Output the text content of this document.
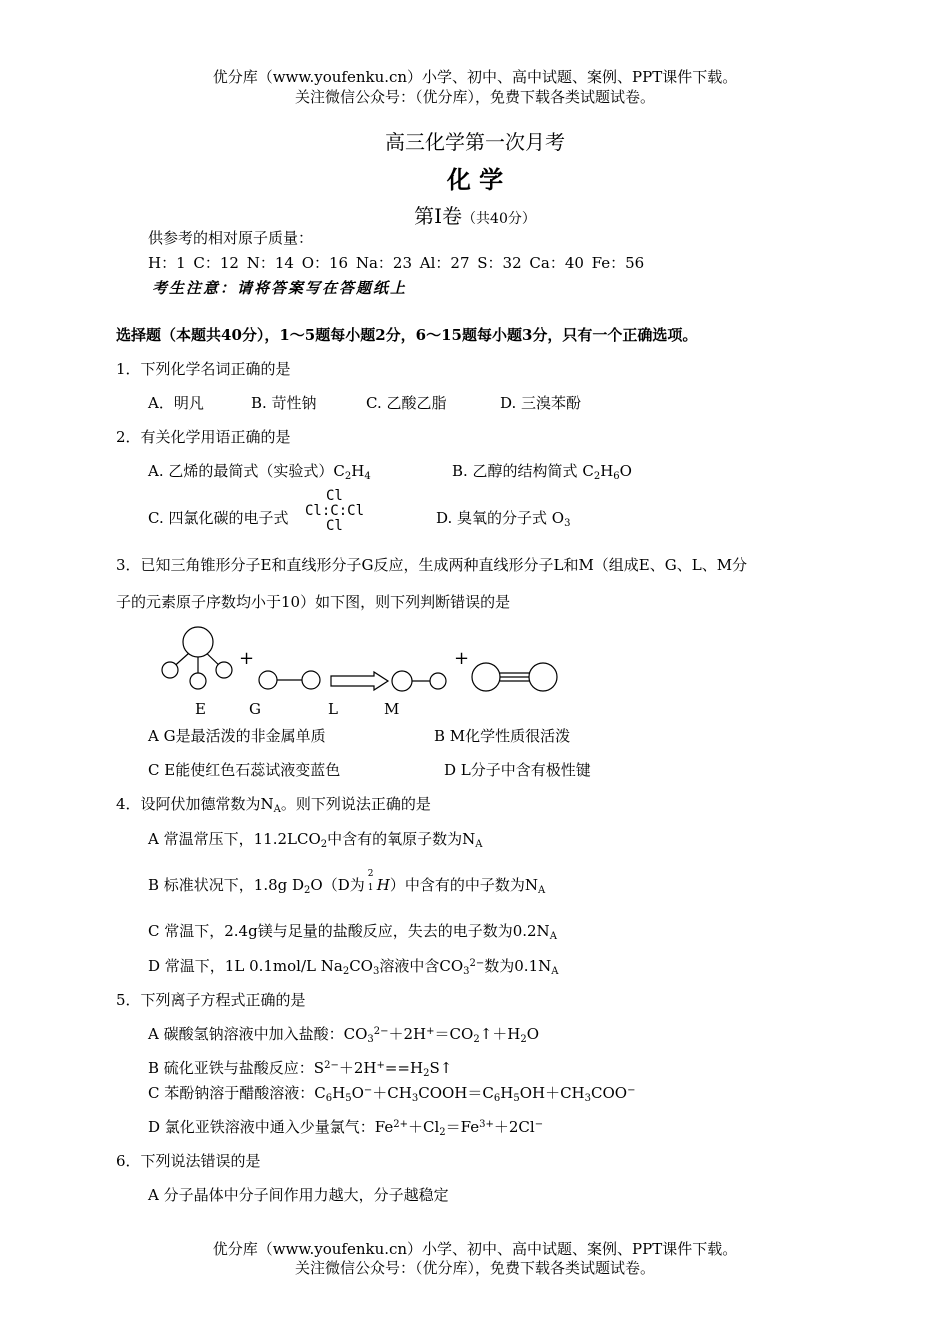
优分库（www.youfenku.cn）小学、初中、高中试题、案例、PPT课件下载。
关注微信公众号：（优分库），免费下载各类试题试卷。
高三化学第一次月考
化 学
第Ⅰ卷（共40分）
供参考的相对原子质量：
H：1 C：12 N：14 O：16 Na：23 Al：27 S：32 Ca：40 Fe：56
考生注意：请将答案写在答题纸上
选择题（本题共40分），1～5题每小题2分，6～15题每小题3分，只有一个正确选项。
1．下列化学名词正确的是
A．明凡	B. 苛性钠	C. 乙酸乙脂	D. 三溴苯酚
2．有关化学用语正确的是
A. 乙烯的最简式（实验式）$C_2H_4$	B. 乙醇的结构简式 $C_2H_6O$
C. 四氯化碳的电子式
Cl
Cl:C:Cl
Cl	D. 臭氧的分子式 $O_3$
3．已知三角锥形分子E和直线形分子G反应，生成两种直线形分子L和M（组成E、G、L、M分
子的元素原子序数均小于10）如下图，则下列判断错误的是
+	+
E	G	L	M
A G是最活泼的非金属单质	B M化学性质很活泼
C E能使红色石蕊试液变蓝色	D L分子中含有极性键
4．设阿伏加德常数为$N_A$。则下列说法正确的是
A 常温常压下，$11.2LCO_2$中含有的氧原子数为$N_A$
B 标准状况下，1.8g $D_2O(D$为
2
1 H）中含有的中子数为$N_A$
C 常温下，2.4g镁与足量的盐酸反应，失去的电子数为$0.2N_A$
D 常温下，1L 0.1mol/L $Na_2CO_3$溶液中含$CO_3^{2-}$数为$0.1N_A$
5．下列离子方程式正确的是
A 碳酸氢钠溶液中加入盐酸：$CO_3^{2-}+2H^+=CO_2↑+H_2O$
B 硫化亚铁与盐酸反应：$S^{2-}+2H^+==H_2S↑$
C 苯酚钠溶于醋酸溶液：$C_6H_5O^-+CH_3COOH=C_6H_5OH+CH_3COO^-$
D 氯化亚铁溶液中通入少量氯气：$Fe^{2+}+Cl_2=Fe^{3+}+2Cl^-$
6．下列说法错误的是
A 分子晶体中分子间作用力越大，分子越稳定
优分库（www.youfenku.cn）小学、初中、高中试题、案例、PPT课件下载。
关注微信公众号：（优分库），免费下载各类试题试卷。
